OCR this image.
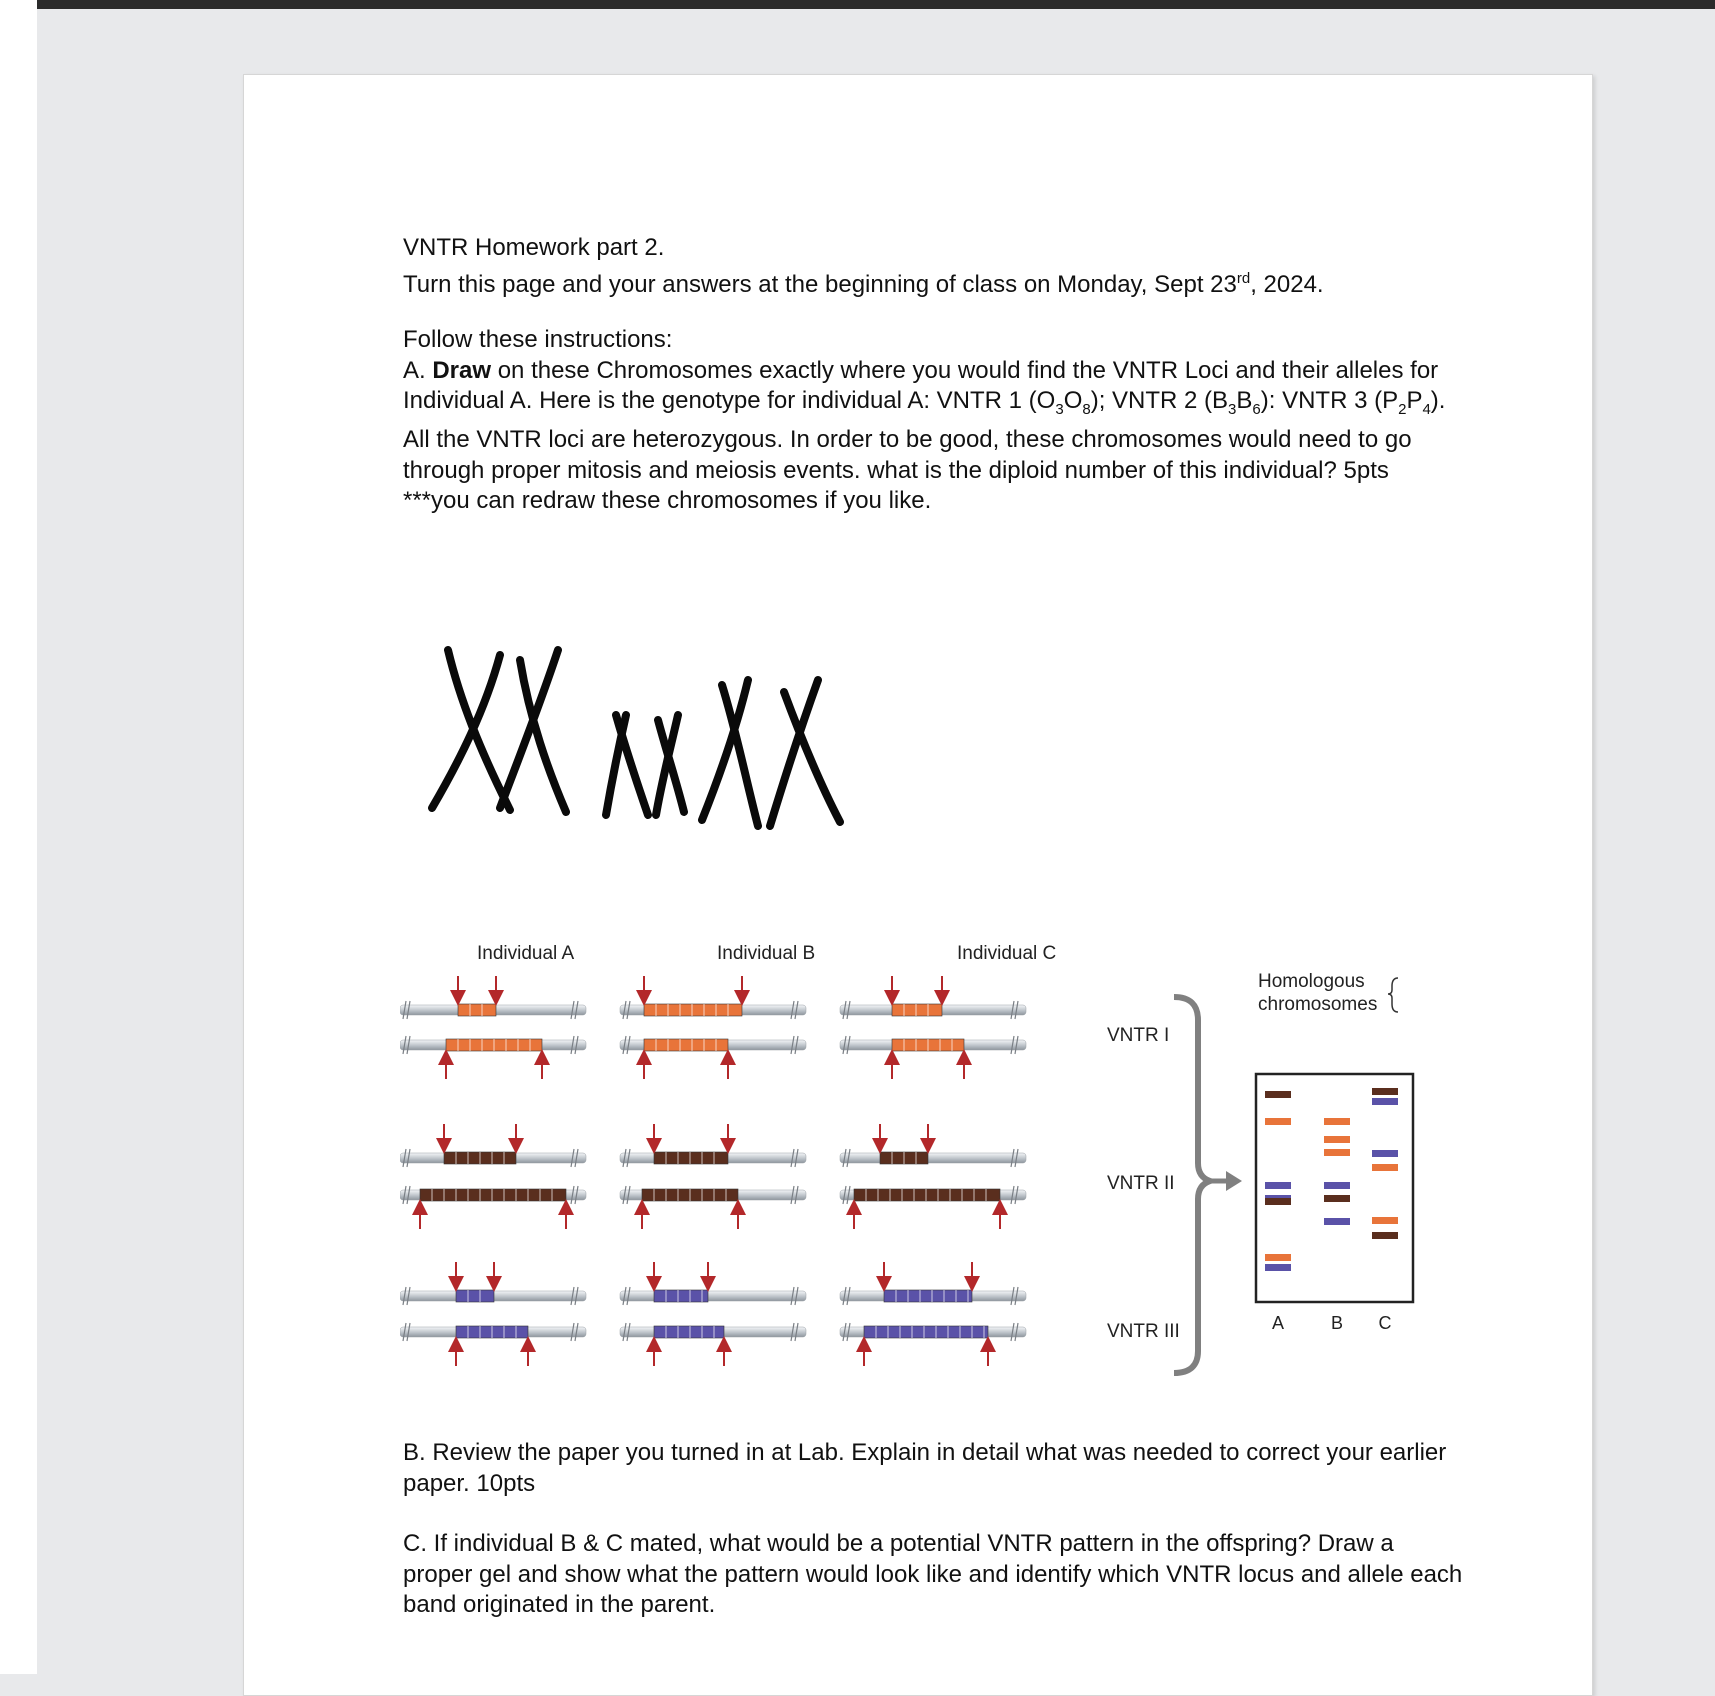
VNTR Homework part 2.

Turn this page and your answers at the beginning of class on Monday, Sept 23rd, 2024.

Follow these instructions:

A. Draw on these Chromosomes exactly where you would find the VNTR Loci and their alleles for Individual A. Here is the genotype for individual A: VNTR 1 $(O_3O_8)$; VNTR 2 $(B_3B_6)$: VNTR 3 $(P_2P_4)$. All the VNTR loci are heterozygous. In order to be good, these chromosomes would need to go through proper mitosis and meiosis events. what is the diploid number of this individual? 5pts

***you can redraw these chromosomes if you like.

Individual A	Individual B	Individual C
VNTR I
VNTR II
VNTR III
Homologous
chromosomes
A	B C

B. Review the paper you turned in at Lab. Explain in detail what was needed to correct your earlier paper. 10pts

C. If individual B & C mated, what would be a potential VNTR pattern in the offspring? Draw a proper gel and show what the pattern would look like and identify which VNTR locus and allele each band originated in the parent.
